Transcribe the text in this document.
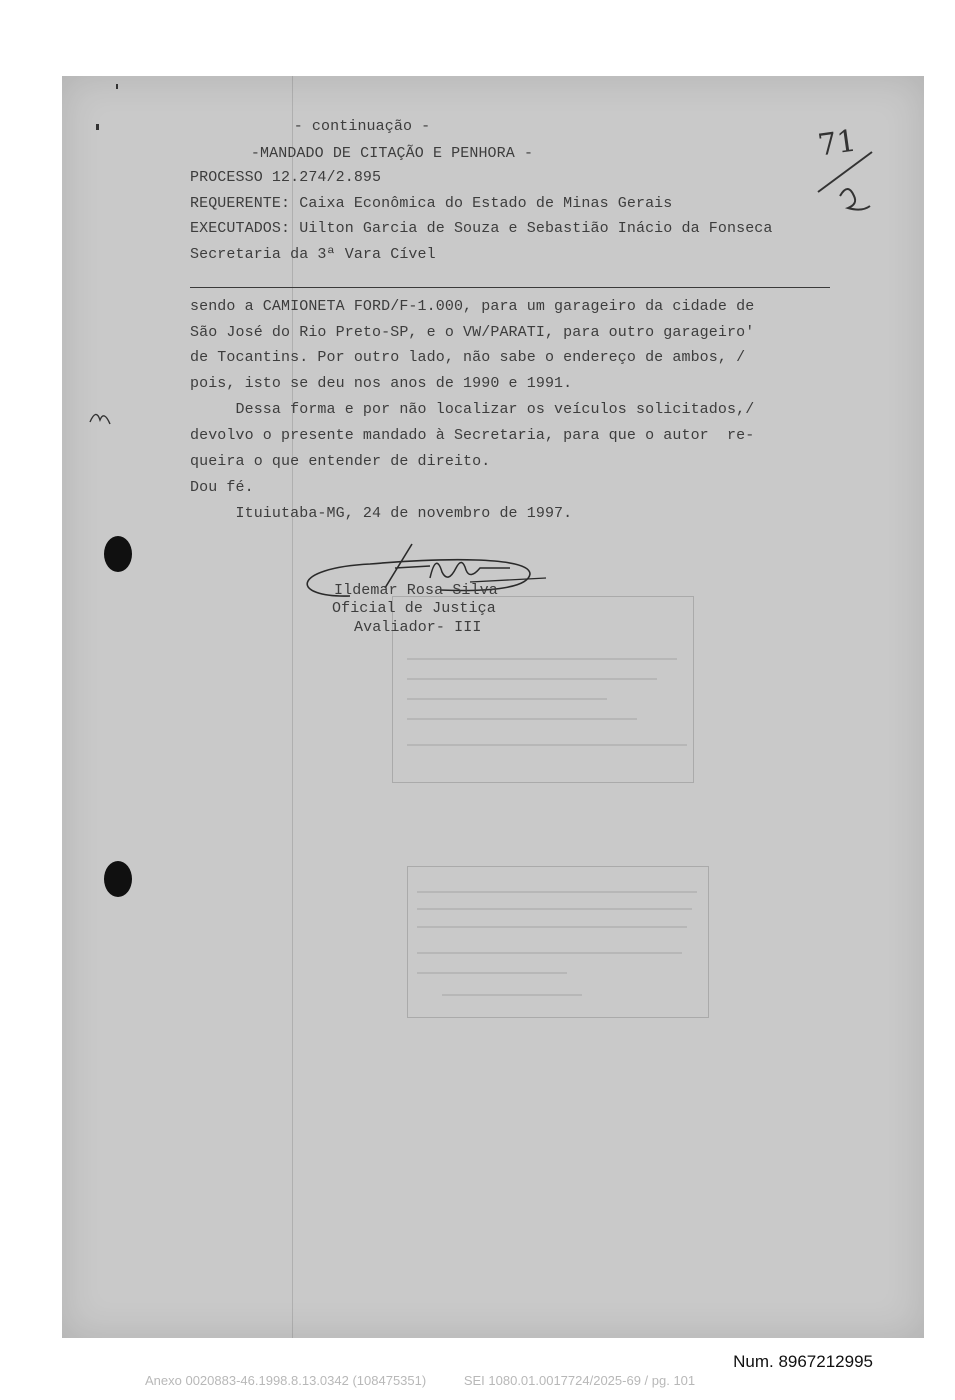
- continuação -
-MANDADO DE CITAÇÃO E PENHORA -	71
PROCESSO 12.274/2.895
REQUERENTE: Caixa Econômica do Estado de Minas Gerais
EXECUTADOS: Uilton Garcia de Souza e Sebastião Inácio da Fonseca
Secretaria da 3ª Vara Cível
sendo a CAMIONETA FORD/F-1.000, para um garageiro da cidade de
São José do Rio Preto-SP, e o VW/PARATI, para outro garageiro'
de Tocantins. Por outro lado, não sabe o endereço de ambos, /
pois, isto se deu nos anos de 1990 e 1991.
Dessa forma e por não localizar os veículos solicitados,/
devolvo o presente mandado à Secretaria, para que o autor  re-
queira o que entender de direito.
Dou fé.
Ituiutaba-MG, 24 de novembro de 1997.
Ildemar Rosa Silva
Oficial de Justiça
Avaliador- III
Num. 8967212995
Anexo 0020883-46.1998.8.13.0342 (108475351)	SEI 1080.01.0017724/2025-69 / pg. 101
